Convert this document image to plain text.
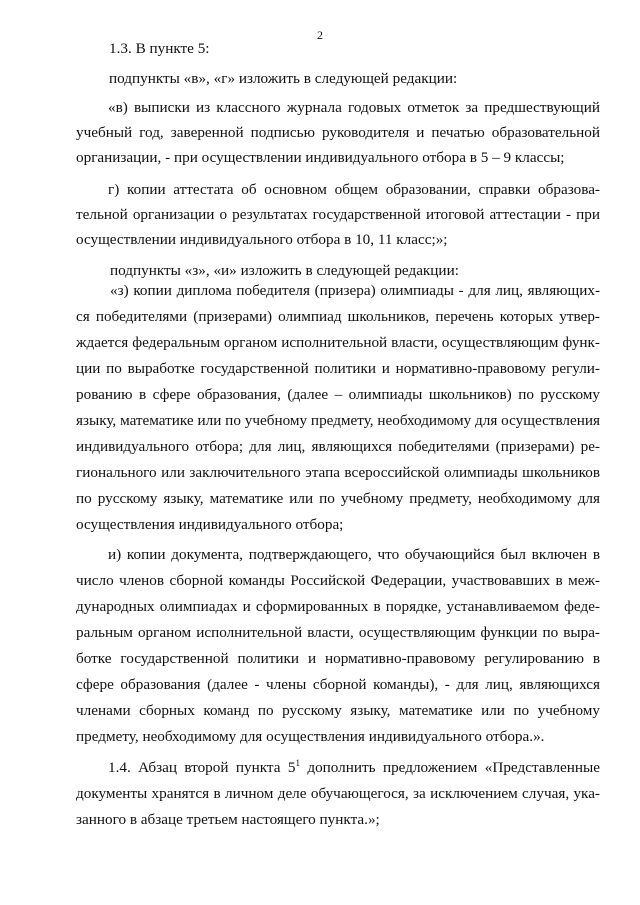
2
1.3. В пункте 5:
подпункты «в», «г» изложить в следующей редакции:
«в) выписки из классного журнала годовых отметок за предшествующий
учебный год, заверенной подписью руководителя и печатью образовательной
организации, - при осуществлении индивидуального отбора в 5 – 9 классы;
г) копии аттестата об основном общем образовании, справки образова-
тельной организации о результатах государственной итоговой аттестации - при
осуществлении индивидуального отбора в 10, 11 класс;»;
подпункты «з», «и» изложить в следующей редакции:
«з) копии диплома победителя (призера) олимпиады - для лиц, являющих-
ся победителями (призерами) олимпиад школьников, перечень которых утвер-
ждается федеральным органом исполнительной власти, осуществляющим функ-
ции по выработке государственной политики и нормативно-правовому регули-
рованию в сфере образования, (далее – олимпиады школьников) по русскому
языку, математике или по учебному предмету, необходимому для осуществления
индивидуального отбора; для лиц, являющихся победителями (призерами) ре-
гионального или заключительного этапа всероссийской олимпиады школьников
по русскому языку, математике или по учебному предмету, необходимому для
осуществления индивидуального отбора;
и) копии документа, подтверждающего, что обучающийся был включен в
число членов сборной команды Российской Федерации, участвовавших в меж-
дународных олимпиадах и сформированных в порядке, устанавливаемом феде-
ральным органом исполнительной власти, осуществляющим функции по выра-
ботке государственной политики и нормативно-правовому регулированию в
сфере образования (далее - члены сборной команды), - для лиц, являющихся
членами сборных команд по русскому языку, математике или по учебному
предмету, необходимому для осуществления индивидуального отбора.».
1.4. Абзац второй пункта $5^1$ дополнить предложением «Представленные
документы хранятся в личном деле обучающегося, за исключением случая, ука-
занного в абзаце третьем настоящего пункта.»;
